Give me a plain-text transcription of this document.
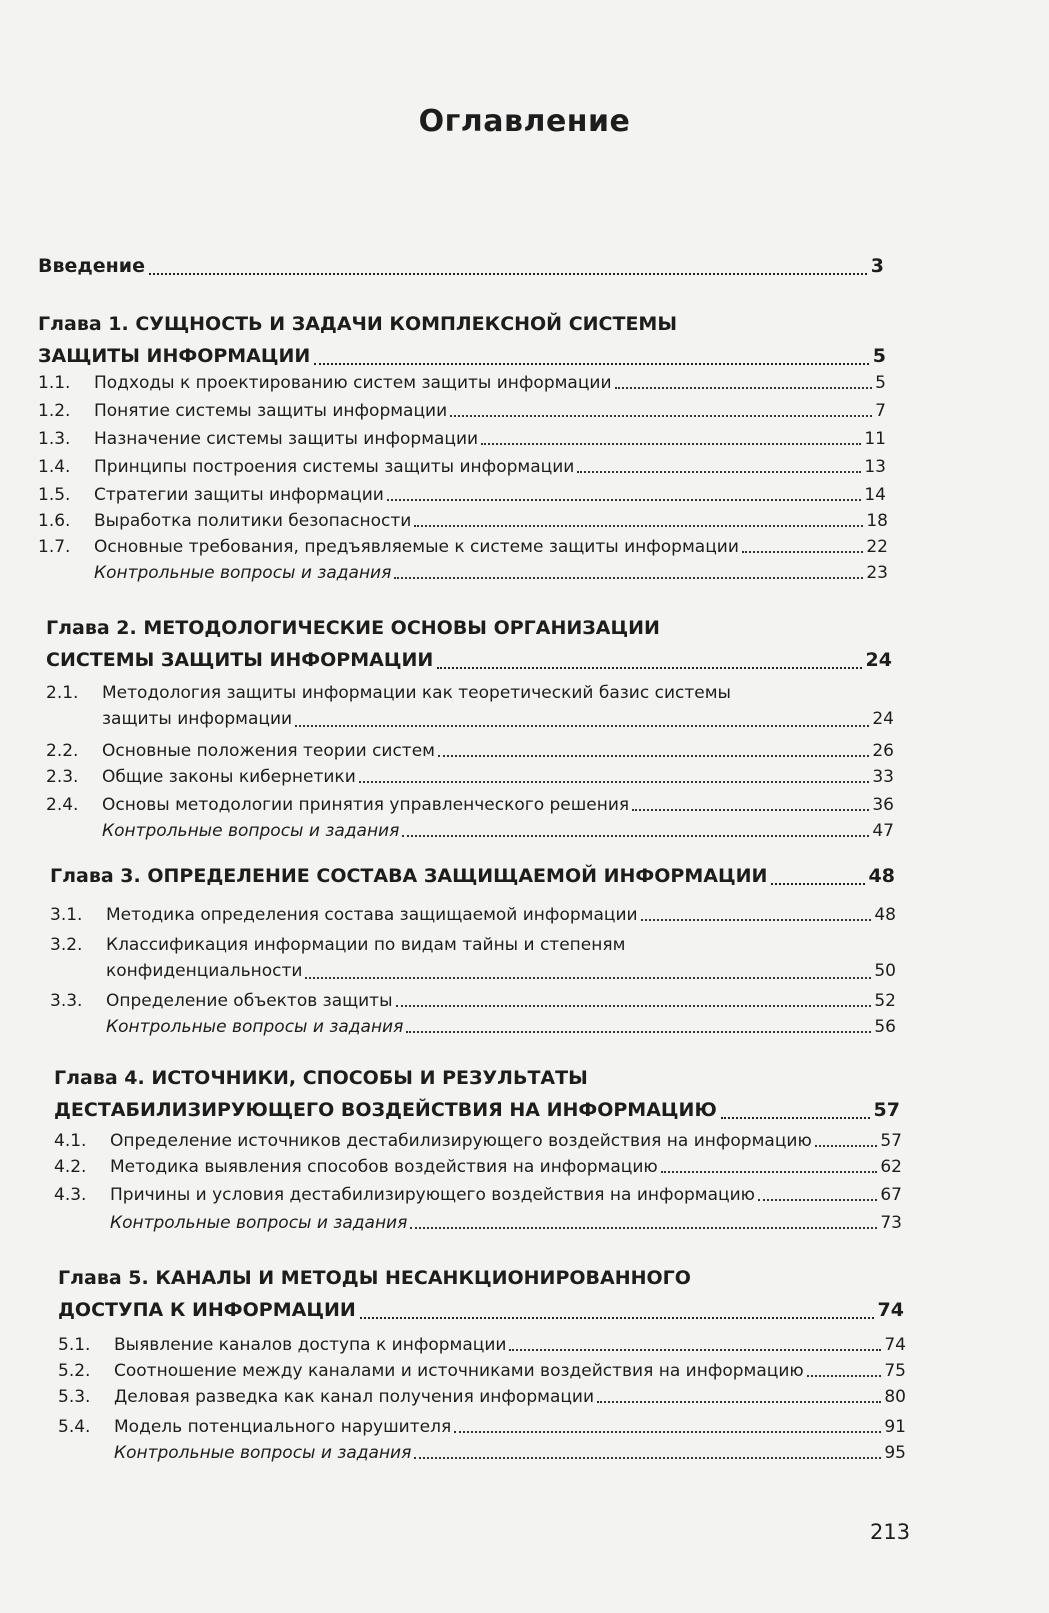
Оглавление
Введение	3
Глава 1. СУЩНОСТЬ И ЗАДАЧИ КОМПЛЕКСНОЙ СИСТЕМЫ
ЗАЩИТЫ ИНФОРМАЦИИ	5
1.1.	Подходы к проектированию систем защиты информации	5
1.2.	Понятие системы защиты информации	7
1.3.	Назначение системы защиты информации	11
1.4.	Принципы построения системы защиты информации	13
1.5.	Стратегии защиты информации	14
1.6.	Выработка политики безопасности	18
1.7.	Основные требования, предъявляемые к системе защиты информации	22
Контрольные вопросы и задания	23
Глава 2. МЕТОДОЛОГИЧЕСКИЕ ОСНОВЫ ОРГАНИЗАЦИИ
СИСТЕМЫ ЗАЩИТЫ ИНФОРМАЦИИ	24
2.1.	Методология защиты информации как теоретический базис системы
защиты информации	24
2.2.	Основные положения теории систем	26
2.3.	Общие законы кибернетики	33
2.4.	Основы методологии принятия управленческого решения	36
Контрольные вопросы и задания	47
Глава 3. ОПРЕДЕЛЕНИЕ СОСТАВА ЗАЩИЩАЕМОЙ ИНФОРМАЦИИ	48
3.1.	Методика определения состава защищаемой информации	48
3.2.	Классификация информации по видам тайны и степеням
конфиденциальности	50
3.3.	Определение объектов защиты	52
Контрольные вопросы и задания	56
Глава 4. ИСТОЧНИКИ, СПОСОБЫ И РЕЗУЛЬТАТЫ
ДЕСТАБИЛИЗИРУЮЩЕГО ВОЗДЕЙСТВИЯ НА ИНФОРМАЦИЮ	57
4.1.	Определение источников дестабилизирующего воздействия на информацию	57
4.2.	Методика выявления способов воздействия на информацию	62
4.3.	Причины и условия дестабилизирующего воздействия на информацию	67
Контрольные вопросы и задания	73
Глава 5. КАНАЛЫ И МЕТОДЫ НЕСАНКЦИОНИРОВАННОГО
ДОСТУПА К ИНФОРМАЦИИ	74
5.1.	Выявление каналов доступа к информации	74
5.2.	Соотношение между каналами и источниками воздействия на информацию	75
5.3.	Деловая разведка как канал получения информации	80
5.4.	Модель потенциального нарушителя	91
Контрольные вопросы и задания	95
213
